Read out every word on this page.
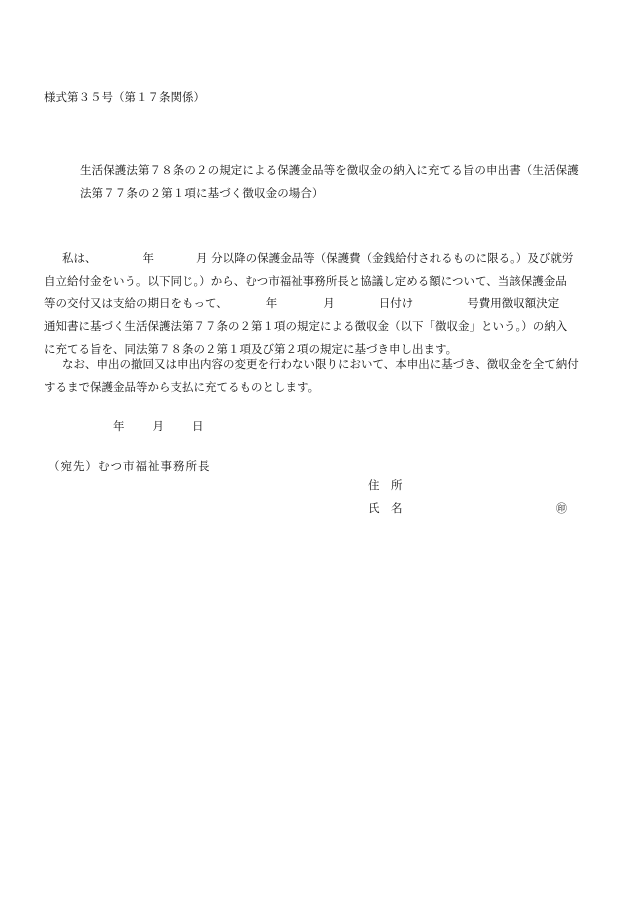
様式第３５号（第１７条関係）
生活保護法第７８条の２の規定による保護金品等を徴収金の納入に充てる旨の申出書（生活保護
法第７７条の２第１項に基づく徴収金の場合）
私は、	年	月 分以降の保護金品等（保護費（金銭給付されるものに限る。）及び就労
自立給付金をいう。以下同じ。）から、むつ市福祉事務所長と協議し定める額について、当該保護金品
等の交付又は支給の期日をもって、	年	月	日付け	号費用徴収額決定
通知書に基づく生活保護法第７７条の２第１項の規定による徴収金（以下「徴収金」という。）の納入
に充てる旨を、同法第７８条の２第１項及び第２項の規定に基づき申し出ます。
なお、申出の撤回又は申出内容の変更を行わない限りにおいて、本申出に基づき、徴収金を全て納付
するまで保護金品等から支払に充てるものとします。
年 月 日
（宛先）むつ市福祉事務所長
住　所
氏　名	㊞
